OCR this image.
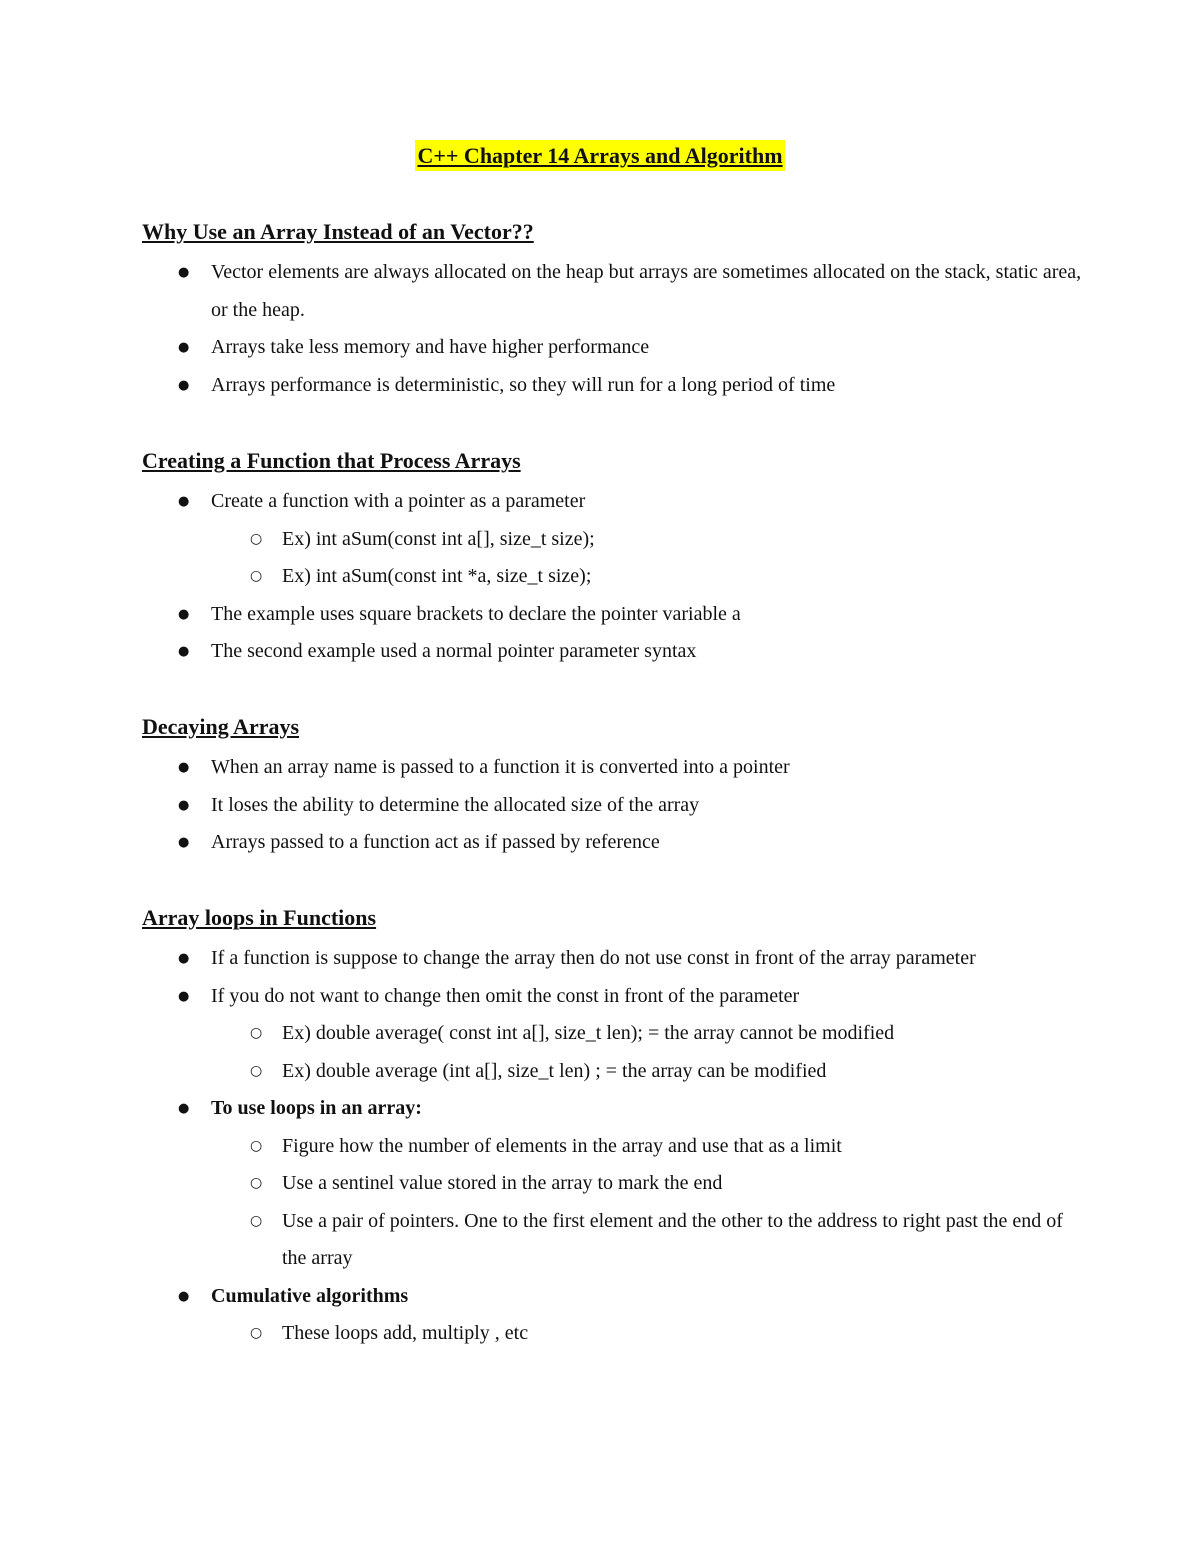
C++ Chapter 14 Arrays and Algorithm
Why Use an Array Instead of an Vector??
● Vector elements are always allocated on the heap but arrays are sometimes allocated on the stack, static area, or the heap.
● Arrays take less memory and have higher performance
● Arrays performance is deterministic, so they will run for a long period of time
Creating a Function that Process Arrays
● Create a function with a pointer as a parameter
○ Ex) int aSum(const int a[], size_t size);
○ Ex) int aSum(const int *a, size_t size);
● The example uses square brackets to declare the pointer variable a
● The second example used a normal pointer parameter syntax
Decaying Arrays
● When an array name is passed to a function it is converted into a pointer
● It loses the ability to determine the allocated size of the array
● Arrays passed to a function act as if passed by reference
Array loops in Functions
● If a function is suppose to change the array then do not use const in front of the array parameter
● If you do not want to change then omit the const in front of the parameter
○ Ex) double average( const int a[], size_t len); = the array cannot be modified
○ Ex) double average (int a[], size_t len) ; = the array can be modified
● To use loops in an array:
○ Figure how the number of elements in the array and use that as a limit
○ Use a sentinel value stored in the array to mark the end
○ Use a pair of pointers. One to the first element and the other to the address to right past the end of the array
● Cumulative algorithms
○ These loops add, multiply , etc
